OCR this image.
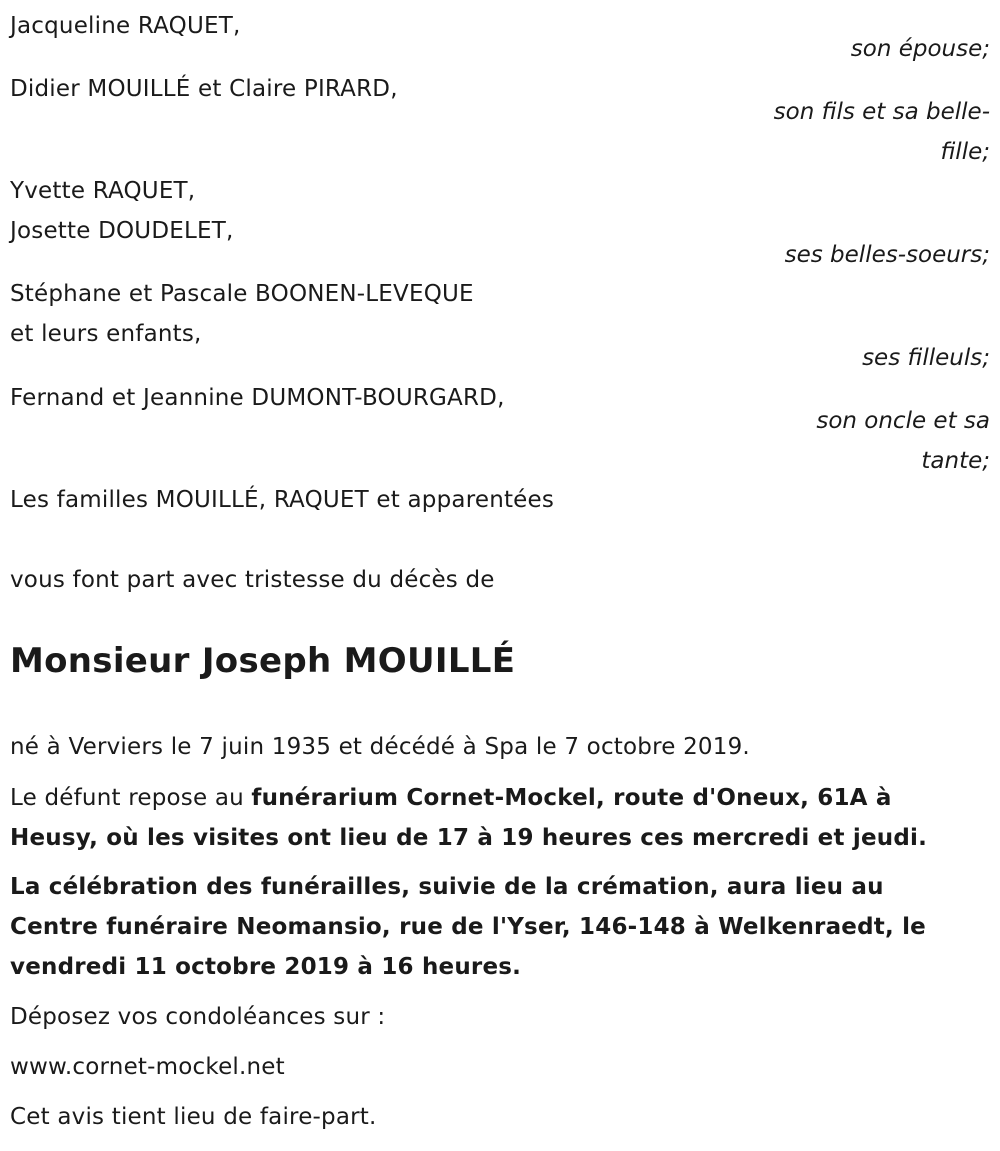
Jacqueline RAQUET,
son épouse;
Didier MOUILLÉ et Claire PIRARD,
son fils et sa belle-fille;
Yvette RAQUET,
Josette DOUDELET,
ses belles-soeurs;
Stéphane et Pascale BOONEN-LEVEQUE
et leurs enfants,
ses filleuls;
Fernand et Jeannine DUMONT-BOURGARD,
son oncle et sa tante;
Les familles MOUILLÉ, RAQUET et apparentées
vous font part avec tristesse du décès de
Monsieur Joseph MOUILLÉ
né à Verviers le 7 juin 1935 et décédé à Spa le 7 octobre 2019.
Le défunt repose au funérarium Cornet-Mockel, route d'Oneux, 61A à Heusy, où les visites ont lieu de 17 à 19 heures ces mercredi et jeudi.
La célébration des funérailles, suivie de la crémation, aura lieu au Centre funéraire Neomansio, rue de l'Yser, 146-148 à Welkenraedt, le vendredi 11 octobre 2019 à 16 heures.
Déposez vos condoléances sur :
www.cornet-mockel.net
Cet avis tient lieu de faire-part.
